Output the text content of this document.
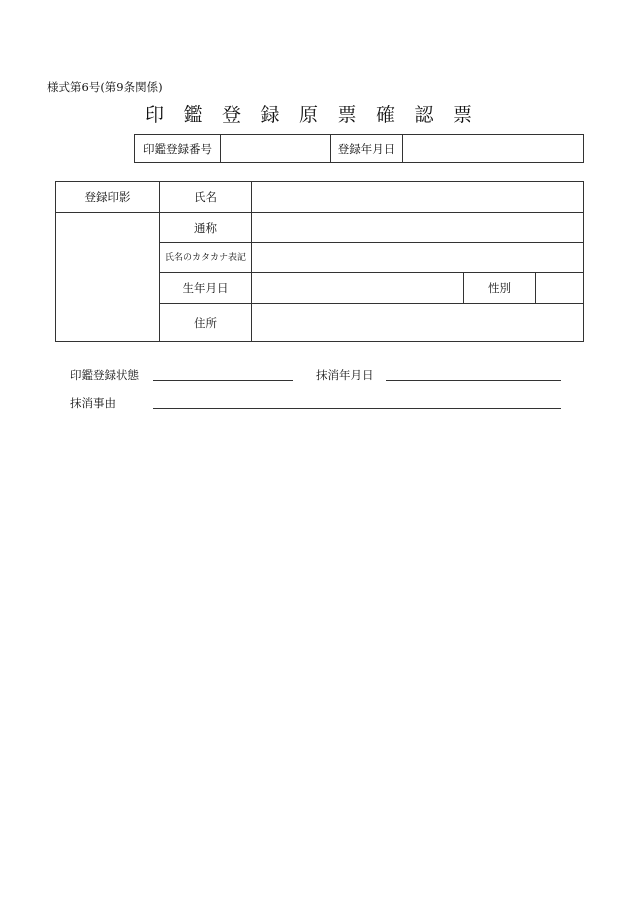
様式第6号(第9条関係)
印 鑑 登 録 原 票 確 認 票
印鑑登録番号		登録年月日	
登録印影	氏名			
	通称			
	氏名のカタカナ表記			
	生年月日		性別	
	住所			
印鑑登録状態	抹消年月日
抹消事由
